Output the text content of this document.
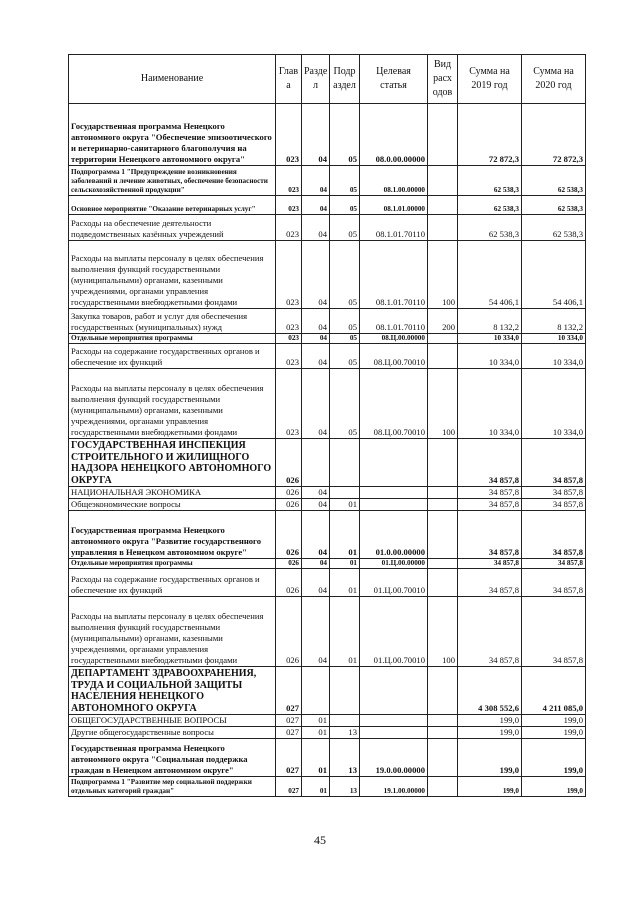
Наименование	Глав а	Разде л	Подр аздел	Целевая статья	Вид расх одов	Сумма на 2019 год	Сумма на 2020 год
Государственная программа Ненецкого автономного округа "Обеспечение эпизоотического и ветеринарно-санитарного благополучия на территории Ненецкого автономного округа"	023	04	05	08.0.00.00000		72 872,3	72 872,3
Подпрограмма 1 "Предупреждение возникновения заболеваний и лечение животных, обеспечение безопасности сельскохозяйственной продукции"	023	04	05	08.1.00.00000		62 538,3	62 538,3
Основное мероприятие "Оказание ветеринарных услуг"	023	04	05	08.1.01.00000		62 538,3	62 538,3
Расходы на обеспечение деятельности подведомственных казённых учреждений	023	04	05	08.1.01.70110		62 538,3	62 538,3
Расходы на выплаты персоналу в целях обеспечения выполнения функций государственными (муниципальными) органами, казенными учреждениями, органами управления государственными внебюджетными фондами	023	04	05	08.1.01.70110	100	54 406,1	54 406,1
Закупка товаров, работ и услуг для обеспечения государственных (муниципальных) нужд	023	04	05	08.1.01.70110	200	8 132,2	8 132,2
Отдельные мероприятия программы	023	04	05	08.Ц.00.00000		10 334,0	10 334,0
Расходы на содержание государственных органов и обеспечение их функций	023	04	05	08.Ц.00.70010		10 334,0	10 334,0
Расходы на выплаты персоналу в целях обеспечения выполнения функций государственными (муниципальными) органами, казенными учреждениями, органами управления государственными внебюджетными фондами	023	04	05	08.Ц.00.70010	100	10 334,0	10 334,0
ГОСУДАРСТВЕННАЯ ИНСПЕКЦИЯ СТРОИТЕЛЬНОГО И ЖИЛИЩНОГО НАДЗОРА НЕНЕЦКОГО АВТОНОМНОГО ОКРУГА	026					34 857,8	34 857,8
НАЦИОНАЛЬНАЯ ЭКОНОМИКА	026	04				34 857,8	34 857,8
Общеэкономические вопросы	026	04	01			34 857,8	34 857,8
Государственная программа Ненецкого автономного округа "Развитие государственного управления в Ненецком автономном округе"	026	04	01	01.0.00.00000		34 857,8	34 857,8
Отдельные мероприятия программы	026	04	01	01.Ц.00.00000		34 857,8	34 857,8
Расходы на содержание государственных органов и обеспечение их функций	026	04	01	01.Ц.00.70010		34 857,8	34 857,8
Расходы на выплаты персоналу в целях обеспечения выполнения функций государственными (муниципальными) органами, казенными учреждениями, органами управления государственными внебюджетными фондами	026	04	01	01.Ц.00.70010	100	34 857,8	34 857,8
ДЕПАРТАМЕНТ ЗДРАВООХРАНЕНИЯ, ТРУДА И СОЦИАЛЬНОЙ ЗАЩИТЫ НАСЕЛЕНИЯ НЕНЕЦКОГО АВТОНОМНОГО ОКРУГА	027					4 308 552,6	4 211 085,0
ОБЩЕГОСУДАРСТВЕННЫЕ ВОПРОСЫ	027	01				199,0	199,0
Другие общегосударственные вопросы	027	01	13			199,0	199,0
Государственная программа Ненецкого автономного округа "Социальная поддержка граждан в Ненецком автономном округе"	027	01	13	19.0.00.00000		199,0	199,0
Подпрограмма 1 "Развитие мер социальной поддержки отдельных категорий граждан"	027	01	13	19.1.00.00000		199,0	199,0
45
